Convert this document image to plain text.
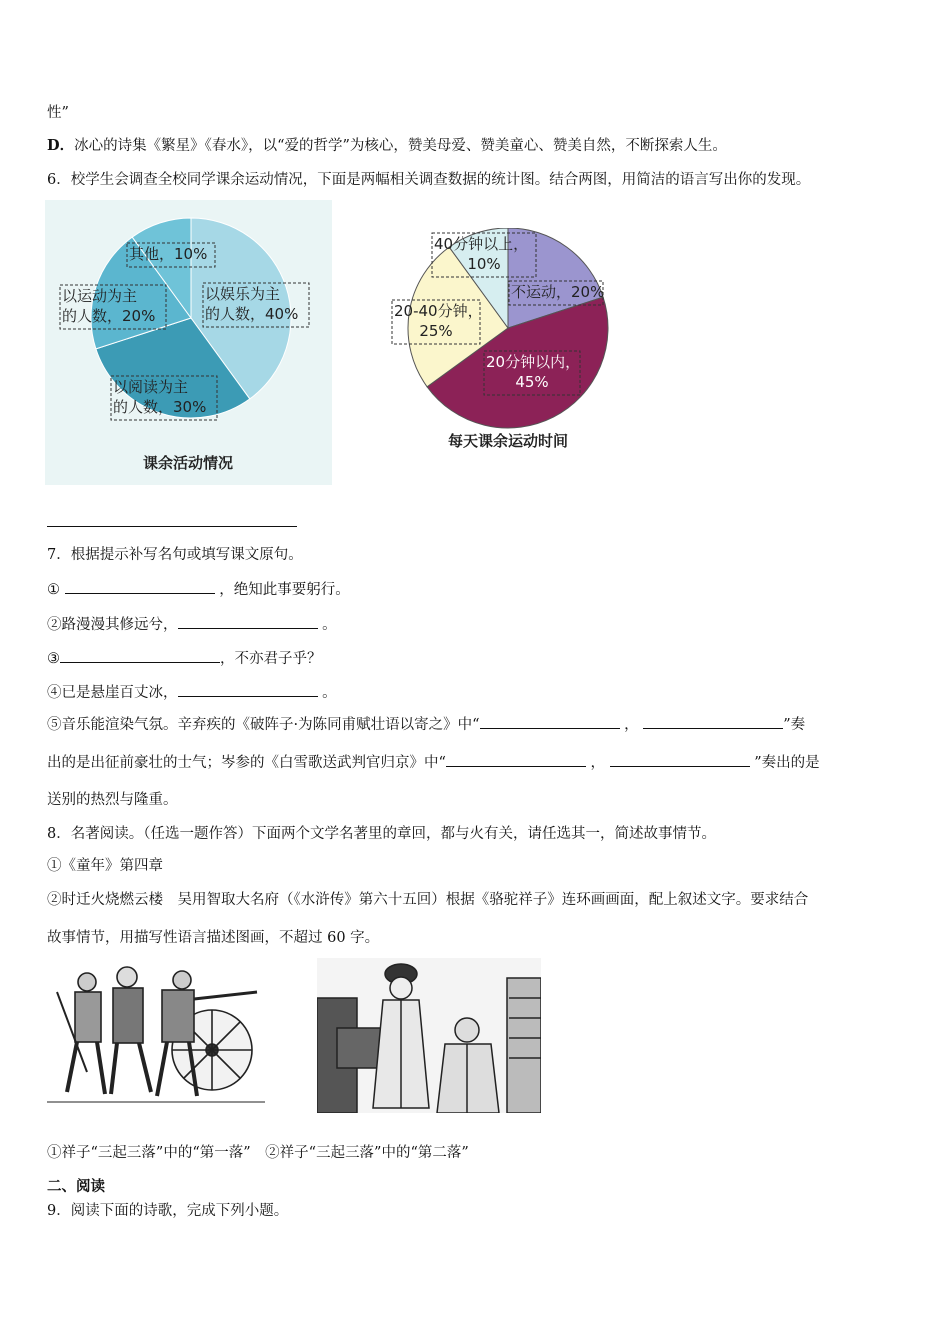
性”
D．冰心的诗集《繁星》《春水》，以“爱的哲学”为核心，赞美母爱、赞美童心、赞美自然，不断探索人生。
6．校学生会调查全校同学课余运动情况，下面是两幅相关调查数据的统计图。结合两图，用简洁的语言写出你的发现。
以娱乐为主
的人数，40%
以阅读为主
的人数，30%
以运动为主
的人数，20%
其他，10%
课余活动情况
不运动，20%
20分钟以内，
45%
20-40分钟，
25%
40分钟以上，
10%
每天课余运动时间
7．根据提示补写名句或填写课文原句。
①	，绝知此事要躬行。
②路漫漫其修远兮，	。
③	，不亦君子乎？
④已是悬崖百丈冰，	。
⑤音乐能渲染气氛。辛弃疾的《破阵子·为陈同甫赋壮语以寄之》中“	，	”奏
出的是出征前豪壮的士气；岑参的《白雪歌送武判官归京》中“	，	”奏出的是
送别的热烈与隆重。
8．名著阅读。（任选一题作答）下面两个文学名著里的章回，都与火有关，请任选其一，简述故事情节。
①《童年》第四章
②时迁火烧燃云楼　吴用智取大名府（《水浒传》第六十五回）根据《骆驼祥子》连环画画面，配上叙述文字。要求结合
故事情节，用描写性语言描述图画，不超过 60 字。
①祥子“三起三落”中的“第一落”　②祥子“三起三落”中的“第二落”
二、阅读
9．阅读下面的诗歌，完成下列小题。
